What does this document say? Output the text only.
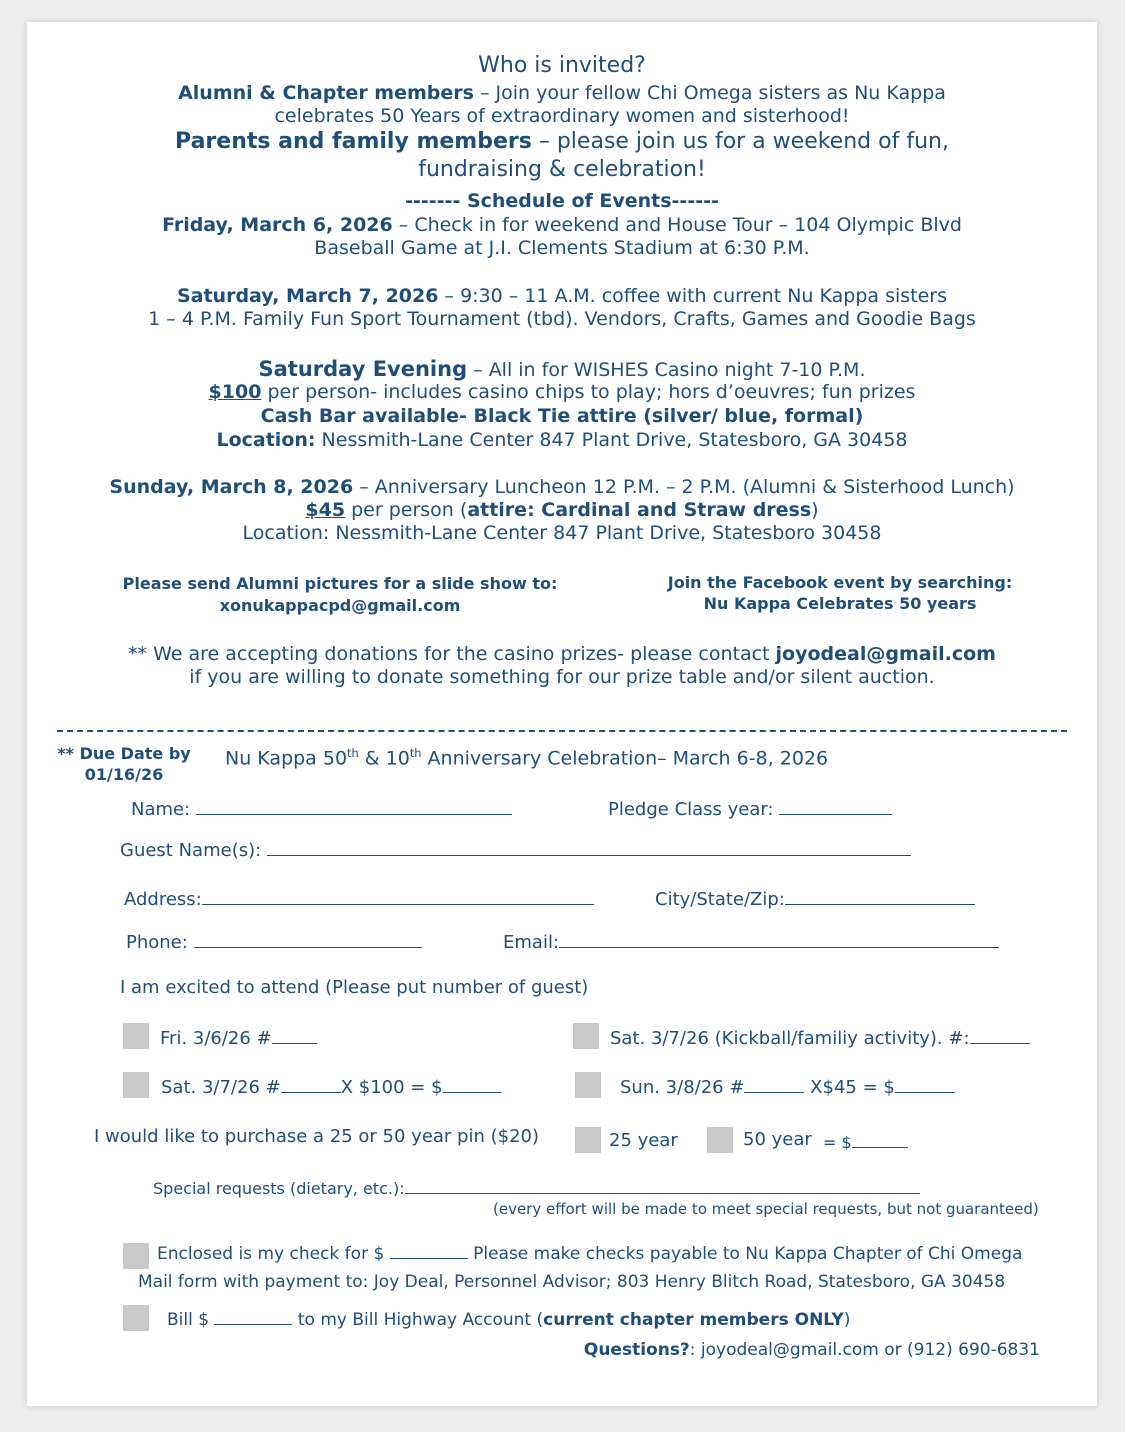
Who is invited?
Alumni & Chapter members – Join your fellow Chi Omega sisters as Nu Kappa
celebrates 50 Years of extraordinary women and sisterhood!
Parents and family members – please join us for a weekend of fun,
fundraising & celebration!
------- Schedule of Events------
Friday, March 6, 2026 – Check in for weekend and House Tour – 104 Olympic Blvd
Baseball Game at J.I. Clements Stadium at 6:30 P.M.
Saturday, March 7, 2026 – 9:30 – 11 A.M. coffee with current Nu Kappa sisters
1 – 4 P.M. Family Fun Sport Tournament (tbd). Vendors, Crafts, Games and Goodie Bags
Saturday Evening – All in for WISHES Casino night 7-10 P.M.
$100 per person- includes casino chips to play; hors d’oeuvres; fun prizes
Cash Bar available- Black Tie attire (silver/ blue, formal)
Location: Nessmith-Lane Center 847 Plant Drive, Statesboro, GA 30458
Sunday, March 8, 2026 – Anniversary Luncheon 12 P.M. – 2 P.M. (Alumni & Sisterhood Lunch)
$45 per person (attire: Cardinal and Straw dress)
Location: Nessmith-Lane Center 847 Plant Drive, Statesboro 30458
Please send Alumni pictures for a slide show to:
xonukappacpd@gmail.com
Join the Facebook event by searching:
Nu Kappa Celebrates 50 years
** We are accepting donations for the casino prizes- please contact joyodeal@gmail.com
if you are willing to donate something for our prize table and/or silent auction.
** Due Date by
01/16/26
Nu Kappa 50th & 10th Anniversary Celebration– March 6-8, 2026
Name:	Pledge Class year:
Guest Name(s):
Address:	City/State/Zip:
Phone:	Email:
I am excited to attend (Please put number of guest)
Fri. 3/6/26 #	Sat. 3/7/26 (Kickball/familiy activity). #:
Sat. 3/7/26 #	X $100 = $	Sun. 3/8/26 #	X$45 = $
I would like to purchase a 25 or 50 year pin ($20)	25 year	50 year = $
Special requests (dietary, etc.):
(every effort will be made to meet special requests, but not guaranteed)
Enclosed is my check for $	Please make checks payable to Nu Kappa Chapter of Chi Omega
Mail form with payment to: Joy Deal, Personnel Advisor; 803 Henry Blitch Road, Statesboro, GA 30458
Bill $	to my Bill Highway Account (current chapter members ONLY)
Questions?: joyodeal@gmail.com or (912) 690-6831
